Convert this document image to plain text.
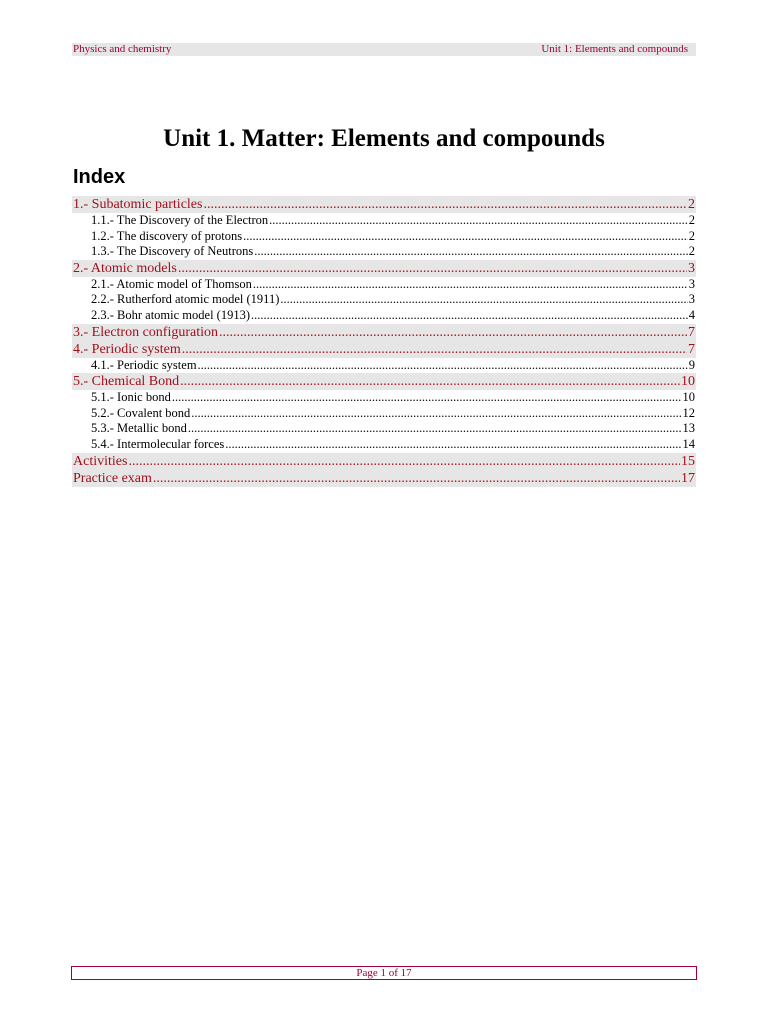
Physics and chemistry	Unit 1: Elements and compounds
Unit 1. Matter: Elements and compounds
Index
1.- Subatomic particles .....	2
1.1.- The Discovery of the Electron .....	2
1.2.- The discovery of protons .....	2
1.3.- The Discovery of Neutrons .....	2
2.- Atomic models .....	3
2.1.- Atomic model of Thomson .....	3
2.2.- Rutherford atomic model (1911) .....	3
2.3.- Bohr atomic model (1913) .....	4
3.- Electron configuration .....	7
4.- Periodic system .....	7
4.1.- Periodic system .....	9
5.- Chemical Bond .....	10
5.1.- Ionic bond .....	10
5.2.- Covalent bond .....	12
5.3.- Metallic bond .....	13
5.4.- Intermolecular forces .....	14
Activities .....	15
Practice exam .....	17
Page 1 of 17
